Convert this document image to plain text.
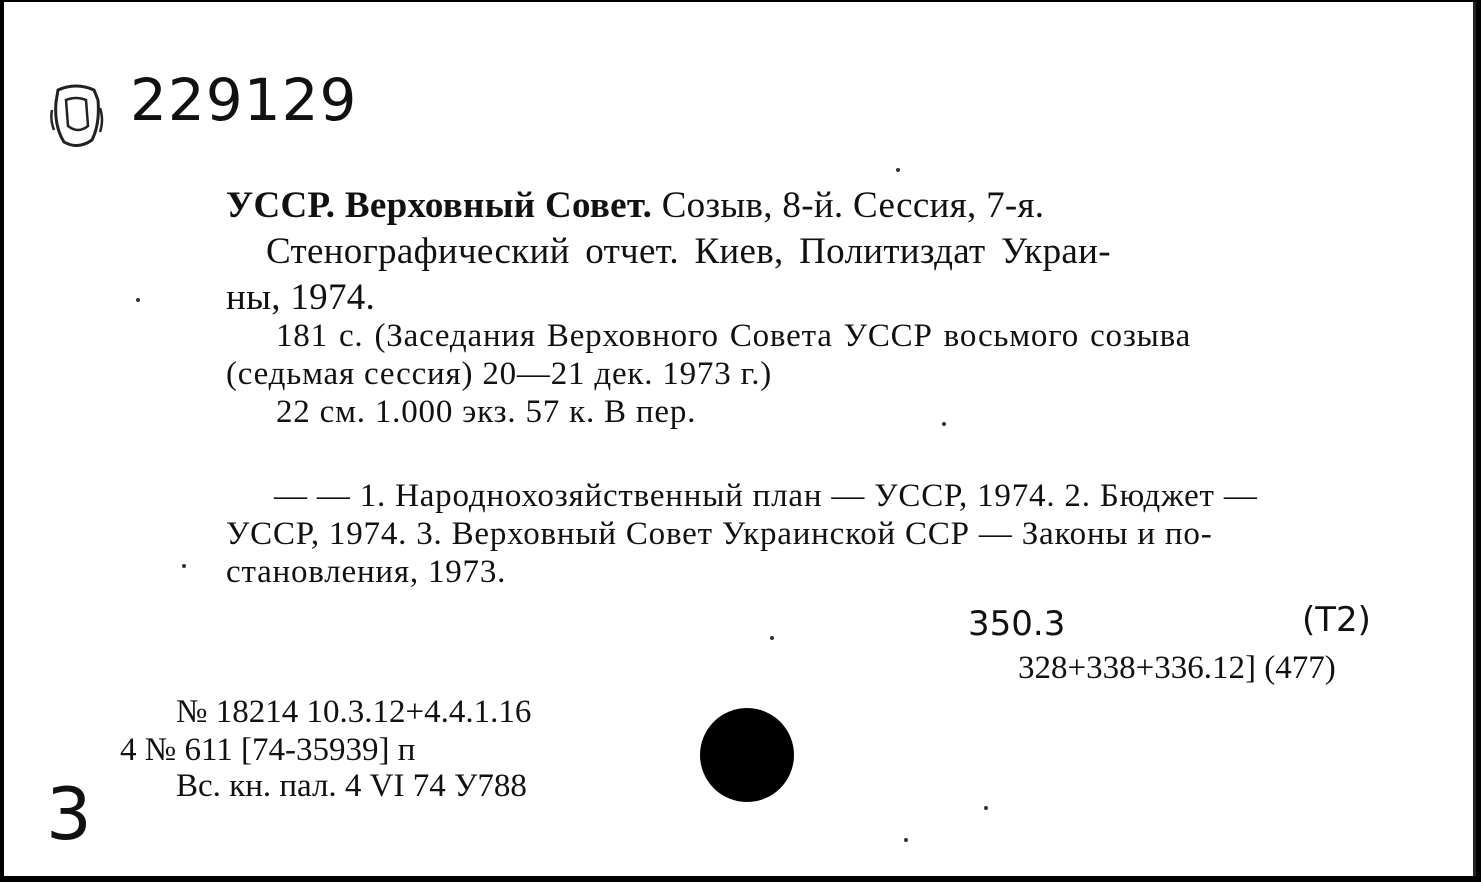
229129
УССР. Верховный Совет. Созыв, 8-й. Сессия, 7-я.
Стенографический отчет. Киев, Политиздат Украи-
ны, 1974.
181 с. (Заседания Верховного Совета УССР восьмого созыва
(седьмая сессия) 20—21 дек. 1973 г.)
22 см. 1.000 экз. 57 к. В пер.
— — 1. Народнохозяйственный план — УССР, 1974. 2. Бюджет —
УССР, 1974. 3. Верховный Совет Украинской ССР — Законы и по-
становления, 1973.
350.3	(Т2)
328+338+336.12] (477)
№ 18214 10.3.12+4.4.1.16
4 № 611 [74-35939] п
Вс. кн. пал. 4 VI 74 У788
3
